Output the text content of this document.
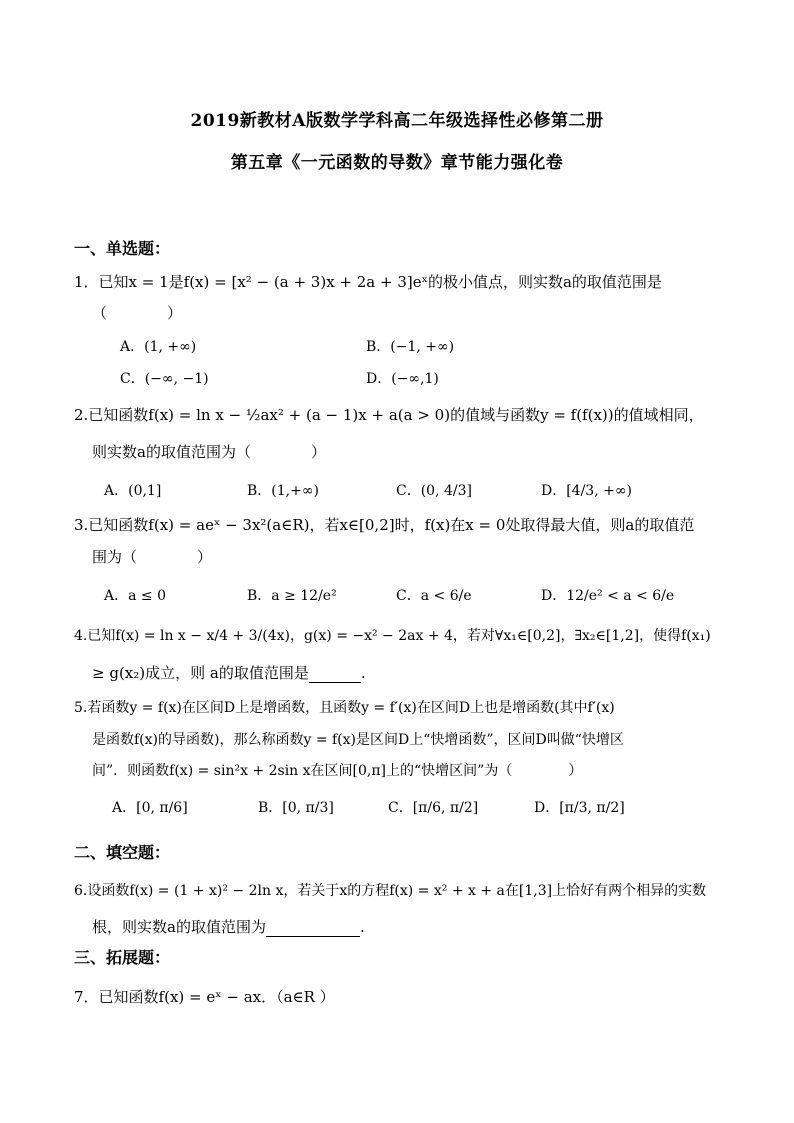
2019新教材A版数学学科高二年级选择性必修第二册
第五章《一元函数的导数》章节能力强化卷
一、单选题：
1．已知x = 1是f(x) = [x² − (a + 3)x + 2a + 3]eˣ的极小值点，则实数a的取值范围是
（　　　　）
A．(1, +∞)	B．(−1, +∞)
C．(−∞, −1)	D．(−∞,1)
2.已知函数f(x) = ln x − ½ax² + (a − 1)x + a(a > 0)的值域与函数y = f(f(x))的值域相同，
则实数a的取值范围为（　　　　）
A．(0,1]	B．(1,+∞)	C．(0, 4/3]	D．[4/3, +∞)
3.已知函数f(x) = aeˣ − 3x²(a∈R)，若x∈[0,2]时，f(x)在x = 0处取得最大值，则a的取值范
围为（　　　　）
A．a ≤ 0	B．a ≥ 12/e²	C．a < 6/e	D．12/e² < a < 6/e
4.已知f(x) = ln x − x/4 + 3/(4x)，g(x) = −x² − 2ax + 4，若对∀x₁∈[0,2]，∃x₂∈[1,2]，使得f(x₁)
≥ g(x₂)成立，则 a的取值范围是	.
5.若函数y = f(x)在区间D上是增函数，且函数y = f′(x)在区间D上也是增函数(其中f′(x)
是函数f(x)的导函数)，那么称函数y = f(x)是区间D上“快增函数”，区间D叫做“快增区
间”．则函数f(x) = sin²x + 2sin x在区间[0,π]上的“快增区间”为（　　　　）
A．[0, π/6]	B．[0, π/3]	C．[π/6, π/2]	D．[π/3, π/2]
二、填空题：
6.设函数f(x) = (1 + x)² − 2ln x，若关于x的方程f(x) = x² + x + a在[1,3]上恰好有两个相异的实数
根，则实数a的取值范围为	.
三、拓展题：
7．已知函数f(x) = eˣ − ax．（a∈R ）
